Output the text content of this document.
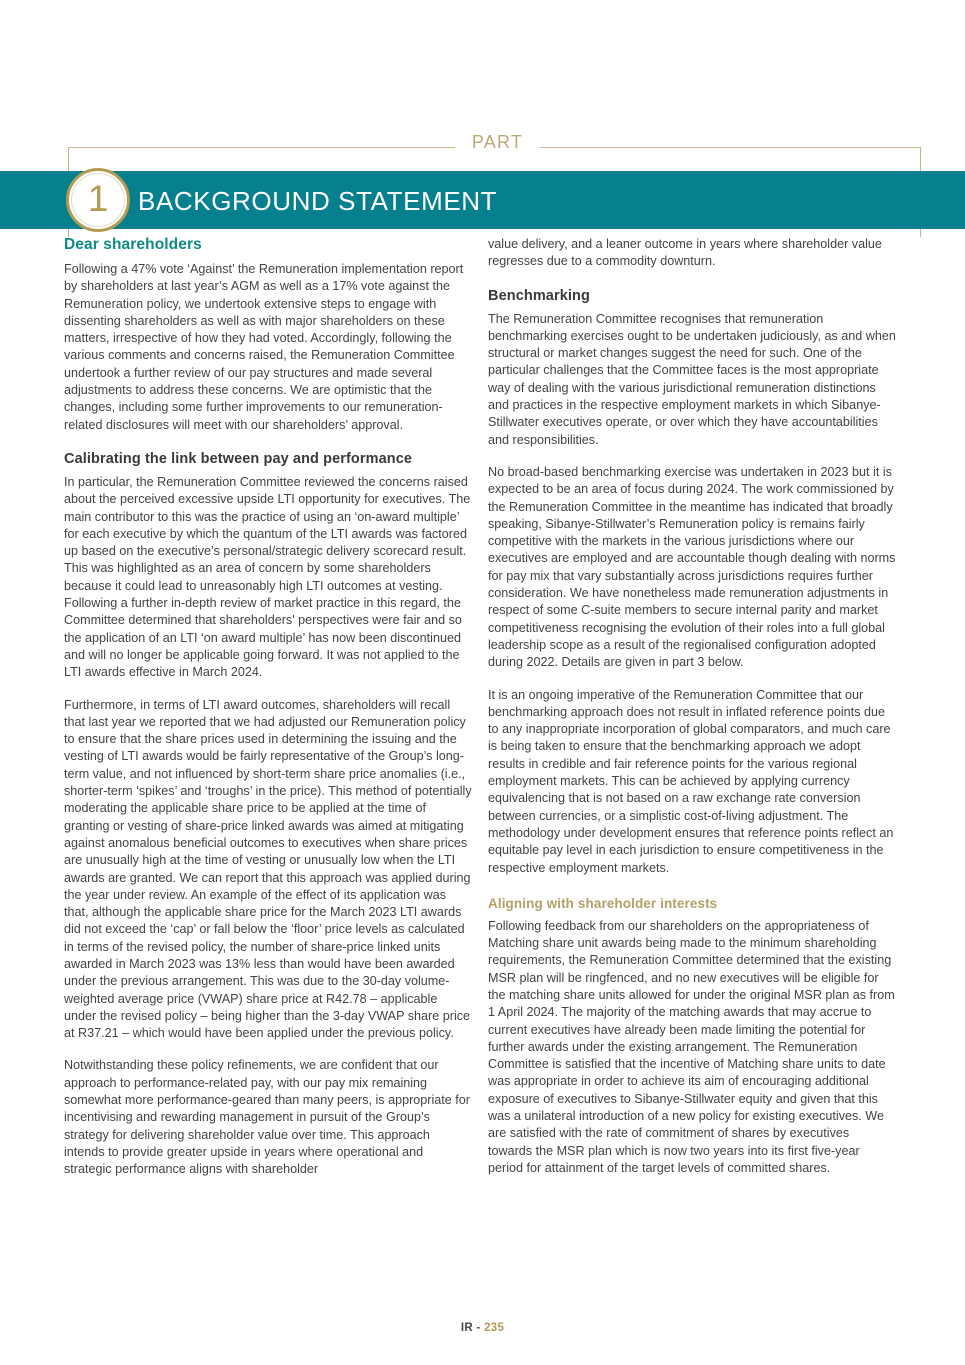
PART
1	BACKGROUND STATEMENT
Dear shareholders

Following a 47% vote ‘Against’ the Remuneration implementation report by shareholders at last year’s AGM as well as a 17% vote against the Remuneration policy, we undertook extensive steps to engage with dissenting shareholders as well as with major shareholders on these matters, irrespective of how they had voted. Accordingly, following the various comments and concerns raised, the Remuneration Committee undertook a further review of our pay structures and made several adjustments to address these concerns. We are optimistic that the changes, including some further improvements to our remuneration-related disclosures will meet with our shareholders’ approval.

Calibrating the link between pay and performance

In particular, the Remuneration Committee reviewed the concerns raised about the perceived excessive upside LTI opportunity for executives. The main contributor to this was the practice of using an ‘on-award multiple’ for each executive by which the quantum of the LTI awards was factored up based on the executive’s personal/strategic delivery scorecard result. This was highlighted as an area of concern by some shareholders because it could lead to unreasonably high LTI outcomes at vesting. Following a further in-depth review of market practice in this regard, the Committee determined that shareholders' perspectives were fair and so the application of an LTI ‘on award multiple’ has now been discontinued and will no longer be applicable going forward. It was not applied to the LTI awards effective in March 2024.

Furthermore, in terms of LTI award outcomes, shareholders will recall that last year we reported that we had adjusted our Remuneration policy to ensure that the share prices used in determining the issuing and the vesting of LTI awards would be fairly representative of the Group’s long-term value, and not influenced by short-term share price anomalies (i.e., shorter-term ‘spikes’ and ‘troughs’ in the price). This method of potentially moderating the applicable share price to be applied at the time of granting or vesting of share-price linked awards was aimed at mitigating against anomalous beneficial outcomes to executives when share prices are unusually high at the time of vesting or unusually low when the LTI awards are granted. We can report that this approach was applied during the year under review. An example of the effect of its application was that, although the applicable share price for the March 2023 LTI awards did not exceed the ‘cap’ or fall below the ‘floor’ price levels as calculated in terms of the revised policy, the number of share-price linked units awarded in March 2023 was 13% less than would have been awarded under the previous arrangement. This was due to the 30-day volume-weighted average price (VWAP) share price at R42.78 – applicable under the revised policy – being higher than the 3-day VWAP share price at R37.21 – which would have been applied under the previous policy.

Notwithstanding these policy refinements, we are confident that our approach to performance-related pay, with our pay mix remaining somewhat more performance-geared than many peers, is appropriate for incentivising and rewarding management in pursuit of the Group’s strategy for delivering shareholder value over time. This approach intends to provide greater upside in years where operational and strategic performance aligns with shareholder

value delivery, and a leaner outcome in years where shareholder value regresses due to a commodity downturn.

Benchmarking

The Remuneration Committee recognises that remuneration benchmarking exercises ought to be undertaken judiciously, as and when structural or market changes suggest the need for such. One of the particular challenges that the Committee faces is the most appropriate way of dealing with the various jurisdictional remuneration distinctions and practices in the respective employment markets in which Sibanye-Stillwater executives operate, or over which they have accountabilities and responsibilities.

No broad-based benchmarking exercise was undertaken in 2023 but it is expected to be an area of focus during 2024. The work commissioned by the Remuneration Committee in the meantime has indicated that broadly speaking, Sibanye-Stillwater’s Remuneration policy is remains fairly competitive with the markets in the various jurisdictions where our executives are employed and are accountable though dealing with norms for pay mix that vary substantially across jurisdictions requires further consideration. We have nonetheless made remuneration adjustments in respect of some C-suite members to secure internal parity and market competitiveness recognising the evolution of their roles into a full global leadership scope as a result of the regionalised configuration adopted during 2022. Details are given in part 3 below.

It is an ongoing imperative of the Remuneration Committee that our benchmarking approach does not result in inflated reference points due to any inappropriate incorporation of global comparators, and much care is being taken to ensure that the benchmarking approach we adopt results in credible and fair reference points for the various regional employment markets. This can be achieved by applying currency equivalencing that is not based on a raw exchange rate conversion between currencies, or a simplistic cost-of-living adjustment. The methodology under development ensures that reference points reflect an equitable pay level in each jurisdiction to ensure competitiveness in the respective employment markets.

Aligning with shareholder interests

Following feedback from our shareholders on the appropriateness of Matching share unit awards being made to the minimum shareholding requirements, the Remuneration Committee determined that the existing MSR plan will be ringfenced, and no new executives will be eligible for the matching share units allowed for under the original MSR plan as from 1 April 2024. The majority of the matching awards that may accrue to current executives have already been made limiting the potential for further awards under the existing arrangement. The Remuneration Committee is satisfied that the incentive of Matching share units to date was appropriate in order to achieve its aim of encouraging additional exposure of executives to Sibanye-Stillwater equity and given that this was a unilateral introduction of a new policy for existing executives. We are satisfied with the rate of commitment of shares by executives towards the MSR plan which is now two years into its first five-year period for attainment of the target levels of committed shares.

IR - 235
